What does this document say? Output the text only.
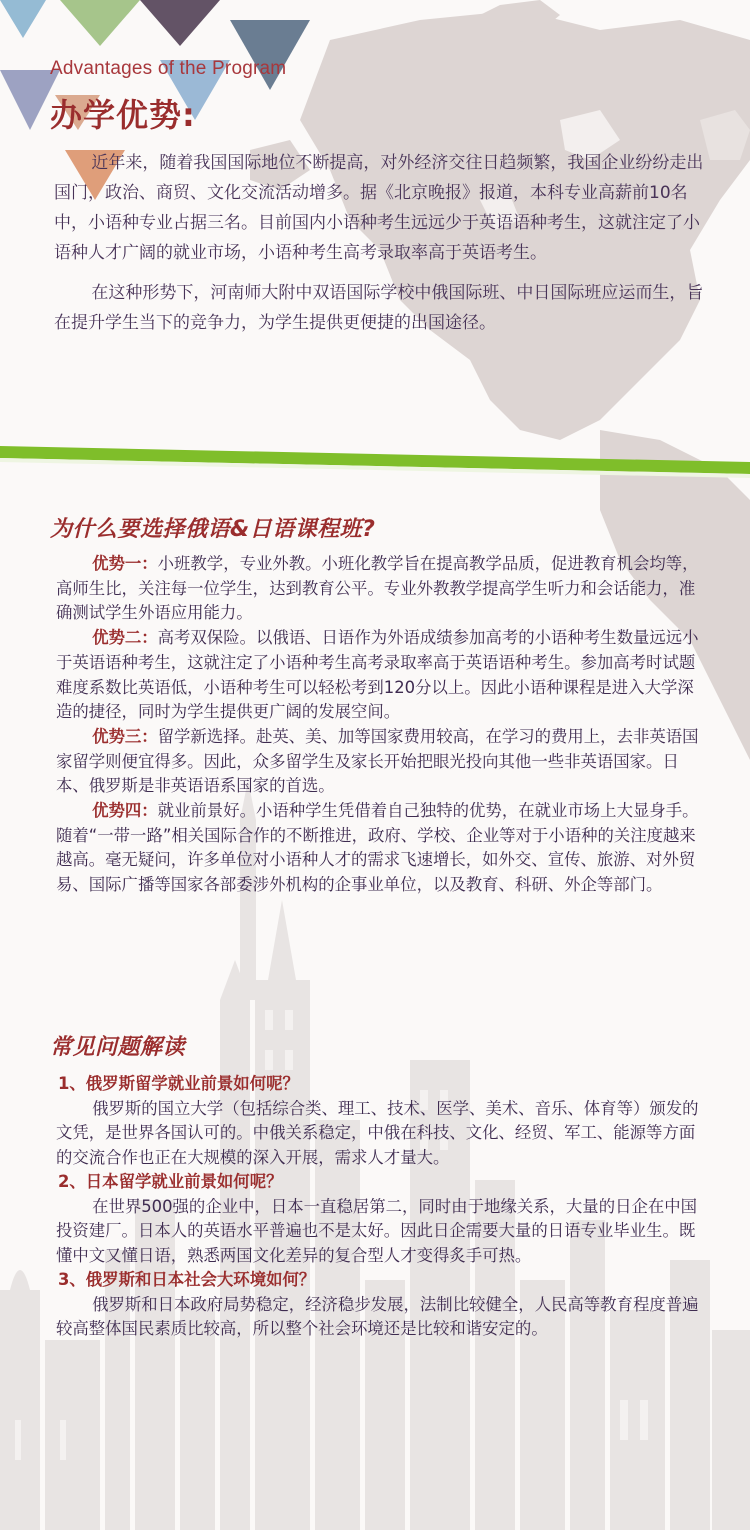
Advantages of the Program
办学优势:

近年来，随着我国国际地位不断提高，对外经济交往日趋频繁，我国企业纷纷走出国门，政治、商贸、文化交流活动增多。据《北京晚报》报道，本科专业高薪前10名中，小语种专业占据三名。目前国内小语种考生远远少于英语语种考生，这就注定了小语种人才广阔的就业市场，小语种考生高考录取率高于英语考生。

在这种形势下，河南师大附中双语国际学校中俄国际班、中日国际班应运而生，旨在提升学生当下的竞争力，为学生提供更便捷的出国途径。

为什么要选择俄语&日语课程班?

优势一：小班教学，专业外教。小班化教学旨在提高教学品质，促进教育机会均等，高师生比，关注每一位学生，达到教育公平。专业外教教学提高学生听力和会话能力，准确测试学生外语应用能力。

优势二：高考双保险。以俄语、日语作为外语成绩参加高考的小语种考生数量远远小于英语语种考生，这就注定了小语种考生高考录取率高于英语语种考生。参加高考时试题难度系数比英语低，小语种考生可以轻松考到120分以上。因此小语种课程是进入大学深造的捷径，同时为学生提供更广阔的发展空间。

优势三：留学新选择。赴英、美、加等国家费用较高，在学习的费用上，去非英语国家留学则便宜得多。因此，众多留学生及家长开始把眼光投向其他一些非英语国家。日本、俄罗斯是非英语语系国家的首选。

优势四：就业前景好。小语种学生凭借着自己独特的优势，在就业市场上大显身手。随着“一带一路”相关国际合作的不断推进，政府、学校、企业等对于小语种的关注度越来越高。毫无疑问，许多单位对小语种人才的需求飞速增长，如外交、宣传、旅游、对外贸易、国际广播等国家各部委涉外机构的企事业单位，以及教育、科研、外企等部门。

常见问题解读

1、俄罗斯留学就业前景如何呢？

俄罗斯的国立大学（包括综合类、理工、技术、医学、美术、音乐、体育等）颁发的文凭，是世界各国认可的。中俄关系稳定，中俄在科技、文化、经贸、军工、能源等方面的交流合作也正在大规模的深入开展，需求人才量大。

2、日本留学就业前景如何呢？

在世界500强的企业中，日本一直稳居第二，同时由于地缘关系，大量的日企在中国投资建厂。日本人的英语水平普遍也不是太好。因此日企需要大量的日语专业毕业生。既懂中文又懂日语，熟悉两国文化差异的复合型人才变得炙手可热。

3、俄罗斯和日本社会大环境如何？

俄罗斯和日本政府局势稳定，经济稳步发展，法制比较健全，人民高等教育程度普遍较高整体国民素质比较高，所以整个社会环境还是比较和谐安定的。
